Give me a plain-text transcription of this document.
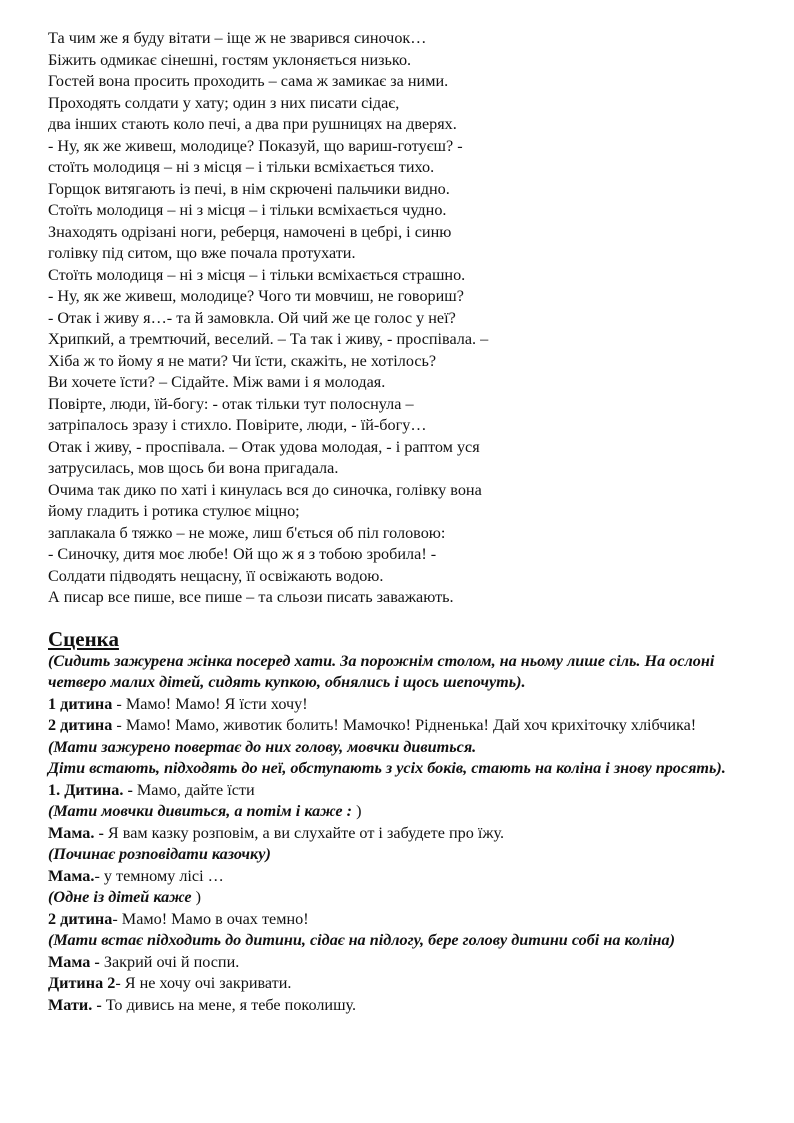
Та чим же я буду вітати – іще ж не зварився синочок…
Біжить одмикає сінешні, гостям уклоняється низько.
Гостей вона просить проходить – сама ж замикає за ними.
Проходять солдати у хату; один з них писати сідає,
два інших стають коло печі, а два при рушницях на дверях.
- Ну, як же живеш, молодице? Показуй, що вариш-готуєш? -
стоїть молодиця – ні з місця – і тільки всміхається тихо.
Горщок витягають із печі, в нім скрючені пальчики видно.
Стоїть молодиця – ні з місця – і тільки всміхається чудно.
Знаходять одрізані ноги, реберця, намочені в цебрі, і синю
голівку під ситом, що вже почала протухати.
Стоїть молодиця – ні з місця – і тільки всміхається страшно.
- Ну, як же живеш, молодице? Чого ти мовчиш, не говориш?
- Отак і живу я…- та й замовкла. Ой чий же це голос у неї?
Хрипкий, а тремтючий, веселий. – Та так і живу, - проспівала. –
Хіба ж то йому я не мати? Чи їсти, скажіть, не хотілось?
Ви хочете їсти? – Сідайте. Між вами і я молодая.
Повірте, люди, їй-богу: - отак тільки тут полоснула –
затріпалось зразу і стихло. Повірите, люди, - їй-богу…
Отак і живу, - проспівала. – Отак удова молодая, - і раптом уся
затрусилась, мов щось би вона пригадала.
Очима так дико по хаті і кинулась вся до синочка, голівку вона
йому гладить і ротика стулює міцно;
заплакала б тяжко – не може, лиш б'ється об піл головою:
- Синочку, дитя моє любе! Ой що ж я з тобою зробила! -
Солдати підводять нещасну, її освіжають водою.
А писар все пише, все пише – та сльози писать заважають.
Сценка
(Сидить зажурена жінка посеред хати. За порожнім столом, на ньому лише сіль. На ослоні четверо малих дітей, сидять купкою, обнялись і щось шепочуть).
1 дитина - Мамо! Мамо! Я їсти хочу!
2 дитина - Мамо! Мамо, животик болить! Мамочко! Рідненька! Дай хоч крихіточку хлібчика!
(Мати зажурено повертає до них голову, мовчки дивиться.
Діти встають, підходять до неї, обступають з усіх боків, стають на коліна і знову просять).
1. Дитина. - Мамо, дайте їсти
(Мати мовчки дивиться, а потім і каже : )
Мама. - Я вам казку розповім, а ви слухайте от і забудете про їжу.
(Починає розповідати казочку)
Мама.- у темному лісі …
(Одне із дітей каже )
2 дитина- Мамо! Мамо в очах темно!
(Мати встає підходить до дитини, сідає на підлогу, бере голову дитини собі на коліна)
Мама - Закрий очі й поспи.
Дитина 2- Я не хочу очі закривати.
Мати. - То дивись на мене, я тебе поколишу.
